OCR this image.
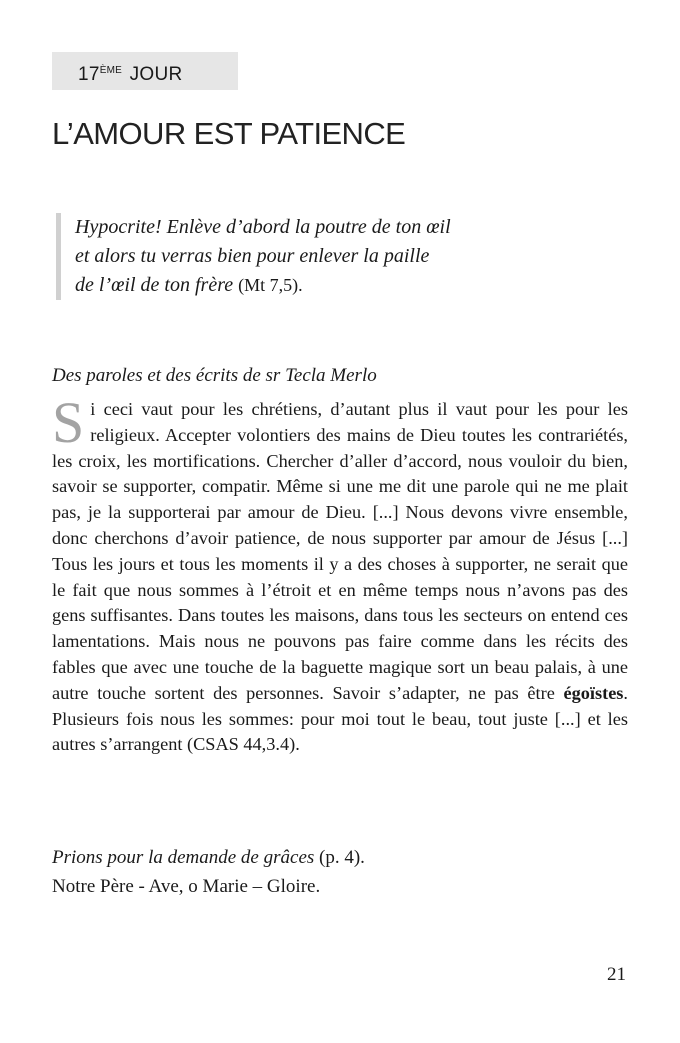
17ÈME JOUR
L’AMOUR EST PATIENCE
Hypocrite! Enlève d’abord la poutre de ton œil
et alors tu verras bien pour enlever la paille
de l’œil de ton frère (Mt 7,5).
Des paroles et des écrits de sr Tecla Merlo

Si ceci vaut pour les chrétiens, d’autant plus il vaut pour les pour les religieux. Accepter volontiers des mains de Dieu toutes les contrariétés, les croix, les mortifications. Chercher d’aller d’accord, nous vouloir du bien, savoir se supporter, compatir. Même si une me dit une parole qui ne me plait pas, je la supporterai par amour de Dieu. [...] Nous devons vivre ensemble, donc cherchons d’avoir patience, de nous supporter par amour de Jésus [...] Tous les jours et tous les moments il y a des choses à supporter, ne serait que le fait que nous sommes à l’étroit et en même temps nous n’avons pas des gens suffisantes. Dans toutes les maisons, dans tous les secteurs on entend ces lamentations. Mais nous ne pouvons pas faire comme dans les récits des fables que avec une touche de la baguette magique sort un beau palais, à une autre touche sortent des personnes. Savoir s’adapter, ne pas être égoïstes. Plusieurs fois nous les sommes: pour moi tout le beau, tout juste [...] et les autres s’arrangent (CSAS 44,3.4).

Prions pour la demande de grâces (p. 4).
Notre Père - Ave, o Marie – Gloire.
21
